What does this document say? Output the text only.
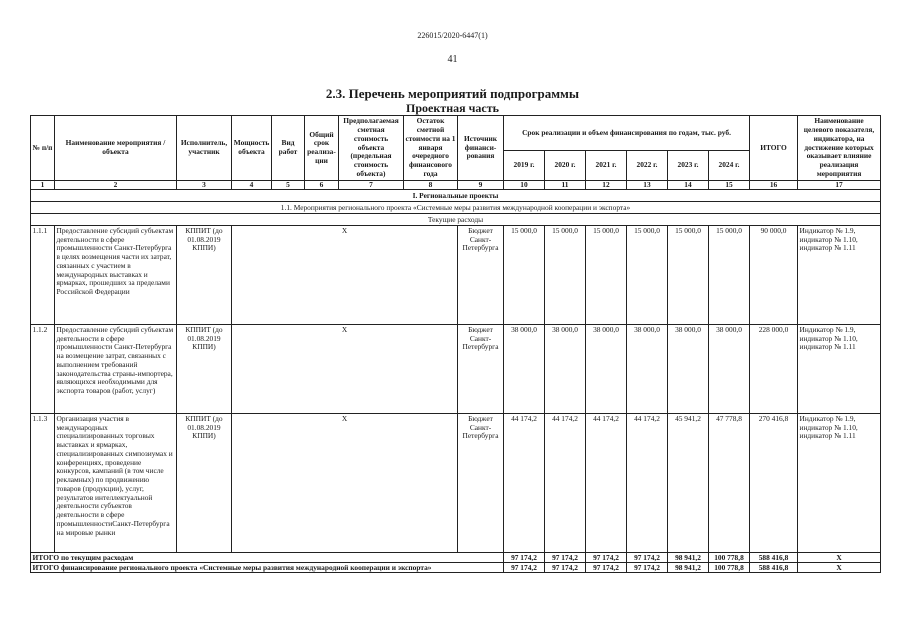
226015/2020-6447(1)
41
2.3. Перечень мероприятий подпрограммы
Проектная часть
№ п/п	Наименование мероприятия / объекта	Исполнитель, участник	Мощность объекта	Вид работ	Общий срок реализа-ции	Предполагаемая сметная стоимость объекта (предельная стоимость объекта)	Остаток сметной стоимости на 1 января очередного финансового года	Источник финанси-рования	Срок реализации и объем финансирования по годам, тыс. руб.						ИТОГО	Наименование целевого показателя, индикатора, на достижение которых оказывает влияние реализация мероприятия
									2019 г.	2020 г.	2021 г.	2022 г.	2023 г.	2024 г.		
1	2	3	4	5	6	7	8	9	10	11	12	13	14	15	16	17
I. Региональные проекты																
1.1. Мероприятия регионального проекта «Системные меры развития международной кооперации и экспорта»																
Текущие расходы																
1.1.1	Предоставление субсидий субъектам деятельности в сфере промышленности Санкт-Петербурга в целях возмещения части их затрат, связанных с участием в международных выставках и ярмарках, прошедших за пределами Российской Федерации	КППИТ (до 01.08.2019 КППИ)	X					Бюджет Санкт-Петербурга	15 000,0	15 000,0	15 000,0	15 000,0	15 000,0	15 000,0	90 000,0	Индикатор № 1.9, индикатор № 1.10, индикатор № 1.11
1.1.2	Предоставление субсидий субъектам деятельности в сфере промышленности Санкт-Петербурга на возмещение затрат, связанных с выполнением требований законодательства страны-импортера, являющихся необходимыми для экспорта товаров (работ, услуг)	КППИТ (до 01.08.2019 КППИ)	X					Бюджет Санкт-Петербурга	38 000,0	38 000,0	38 000,0	38 000,0	38 000,0	38 000,0	228 000,0	Индикатор № 1.9, индикатор № 1.10, индикатор № 1.11
1.1.3	Организация участия в международных специализированных торговых выставках и ярмарках, специализированных симпозиумах и конференциях, проведение конкурсов, кампаний (в том числе рекламных) по продвижению товаров (продукции), услуг, результатов интеллектуальной деятельности субъектов деятельности в сфере промышленностиСанкт-Петербурга на мировые рынки	КППИТ (до 01.08.2019 КППИ)	X					Бюджет Санкт-Петербурга	44 174,2	44 174,2	44 174,2	44 174,2	45 941,2	47 778,8	270 416,8	Индикатор № 1.9, индикатор № 1.10, индикатор № 1.11
ИТОГО по текущим расходам									97 174,2	97 174,2	97 174,2	97 174,2	98 941,2	100 778,8	588 416,8	X
ИТОГО финансирование регионального проекта «Системные меры развития международной кооперации и экспорта»									97 174,2	97 174,2	97 174,2	97 174,2	98 941,2	100 778,8	588 416,8	X
